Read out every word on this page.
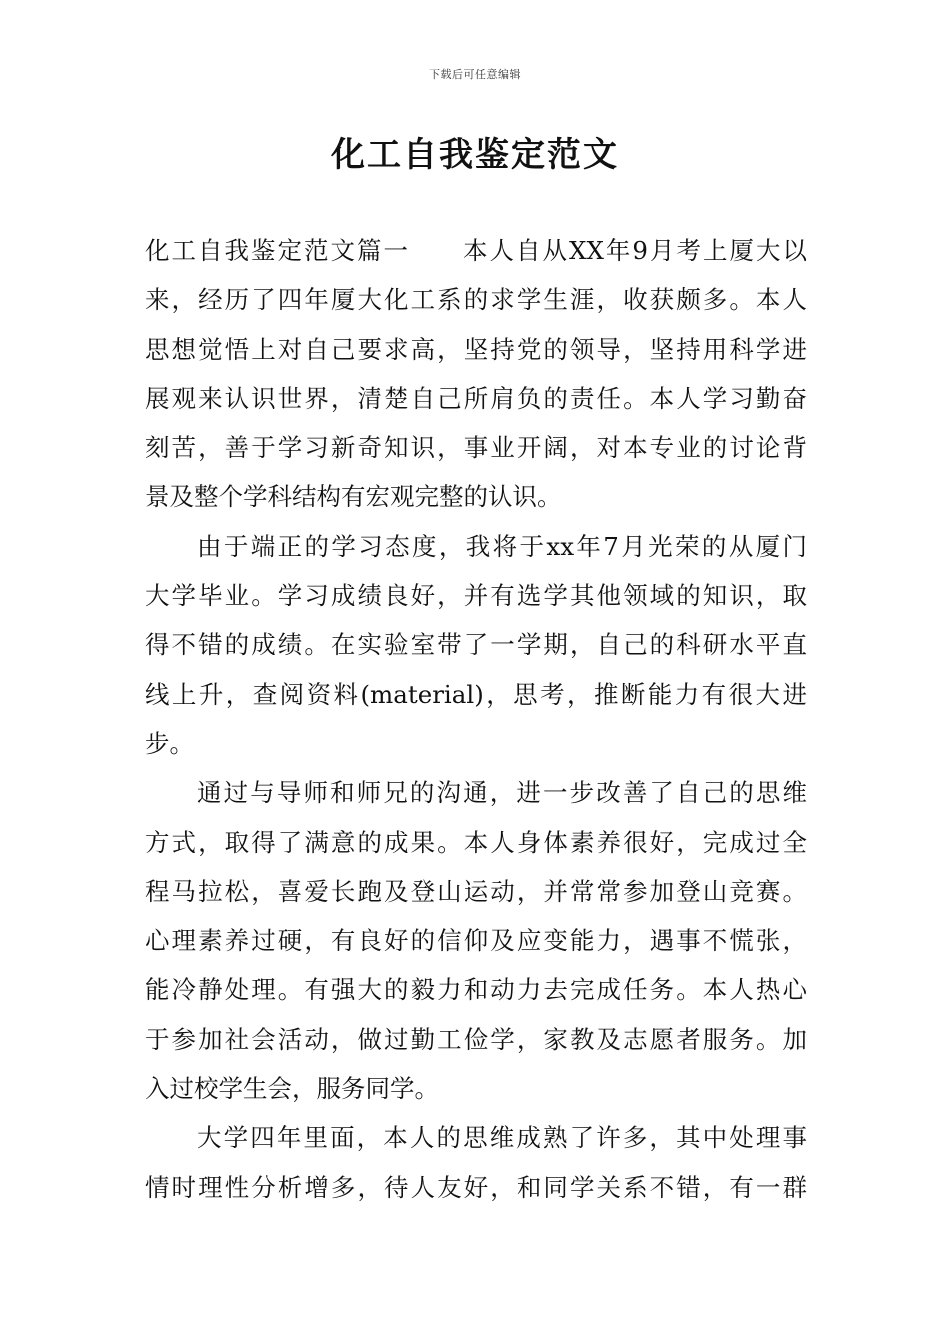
下载后可任意编辑
化工自我鉴定范文
化工自我鉴定范文篇一　　本人自从XX年9月考上厦大以
来，经历了四年厦大化工系的求学生涯，收获颇多。本人
思想觉悟上对自己要求高，坚持党的领导，坚持用科学进
展观来认识世界，清楚自己所肩负的责任。本人学习勤奋
刻苦，善于学习新奇知识，事业开阔，对本专业的讨论背
景及整个学科结构有宏观完整的认识。
由于端正的学习态度，我将于xx年7月光荣的从厦门
大学毕业。学习成绩良好，并有选学其他领域的知识，取
得不错的成绩。在实验室带了一学期，自己的科研水平直
线上升，查阅资料(material)，思考，推断能力有很大进
步。
通过与导师和师兄的沟通，进一步改善了自己的思维
方式，取得了满意的成果。本人身体素养很好，完成过全
程马拉松，喜爱长跑及登山运动，并常常参加登山竞赛。
心理素养过硬，有良好的信仰及应变能力，遇事不慌张，
能冷静处理。有强大的毅力和动力去完成任务。本人热心
于参加社会活动，做过勤工俭学，家教及志愿者服务。加
入过校学生会，服务同学。
大学四年里面，本人的思维成熟了许多，其中处理事
情时理性分析增多，待人友好，和同学关系不错，有一群
